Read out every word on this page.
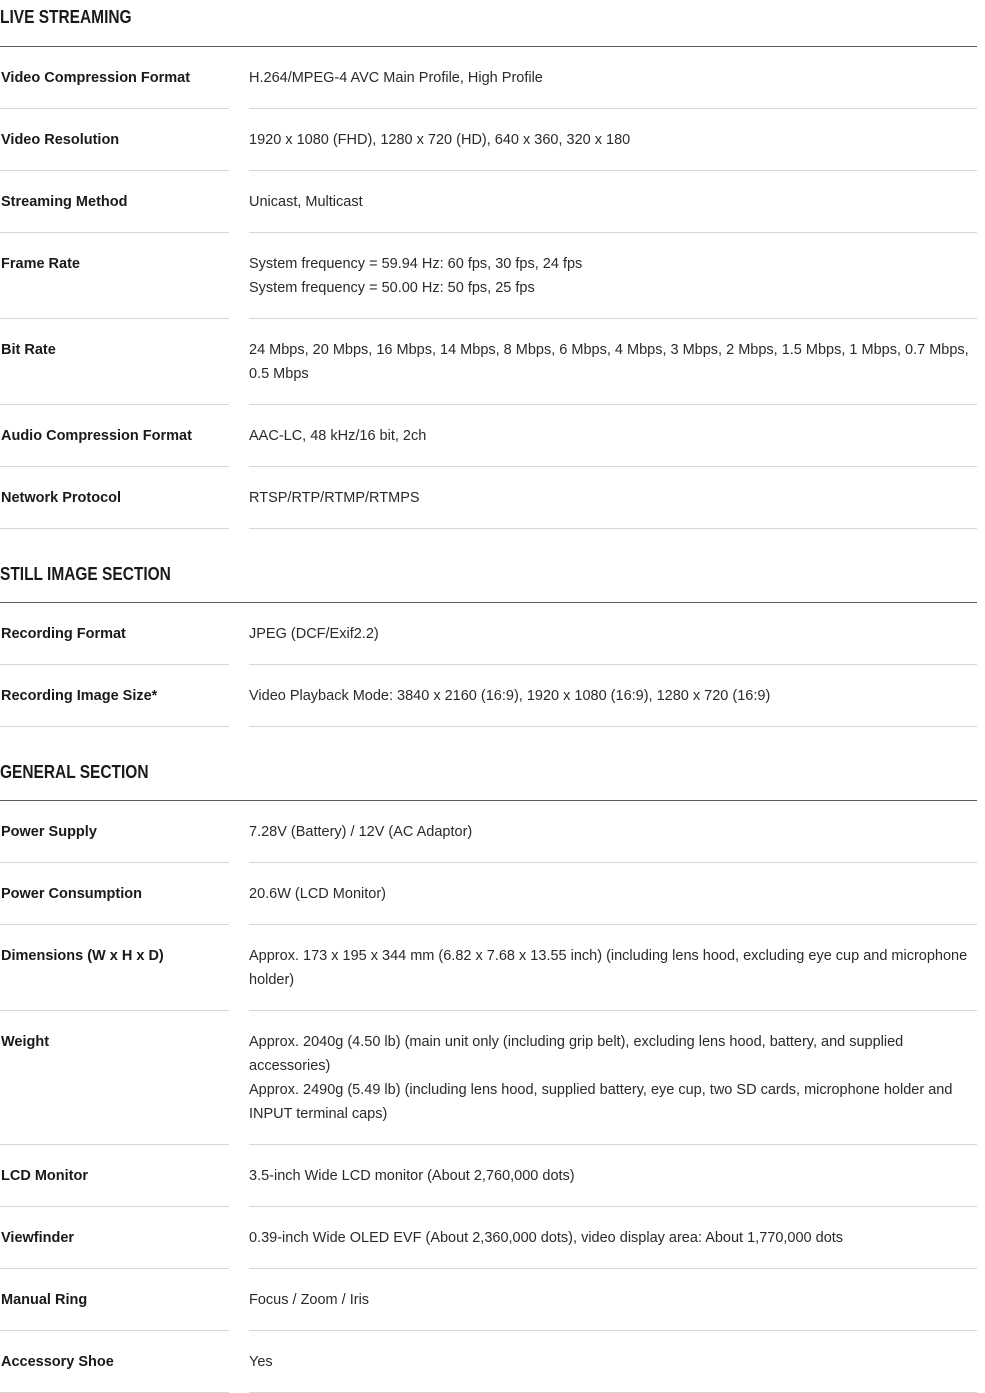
LIVE STREAMING
Video Compression Format	H.264/MPEG-4 AVC Main Profile, High Profile
Video Resolution	1920 x 1080 (FHD), 1280 x 720 (HD), 640 x 360, 320 x 180
Streaming Method	Unicast, Multicast
Frame Rate	System frequency = 59.94 Hz: 60 fps, 30 fps, 24 fps
System frequency = 50.00 Hz: 50 fps, 25 fps
Bit Rate	24 Mbps, 20 Mbps, 16 Mbps, 14 Mbps, 8 Mbps, 6 Mbps, 4 Mbps, 3 Mbps, 2 Mbps, 1.5 Mbps, 1 Mbps, 0.7 Mbps, 0.5 Mbps
Audio Compression Format	AAC-LC, 48 kHz/16 bit, 2ch
Network Protocol	RTSP/RTP/RTMP/RTMPS
STILL IMAGE SECTION
Recording Format	JPEG (DCF/Exif2.2)
Recording Image Size*	Video Playback Mode: 3840 x 2160 (16:9), 1920 x 1080 (16:9), 1280 x 720 (16:9)
GENERAL SECTION
Power Supply	7.28V (Battery) / 12V (AC Adaptor)
Power Consumption	20.6W (LCD Monitor)
Dimensions (W x H x D)	Approx. 173 x 195 x 344 mm (6.82 x 7.68 x 13.55 inch) (including lens hood, excluding eye cup and microphone holder)
Weight	Approx. 2040g (4.50 lb) (main unit only (including grip belt), excluding lens hood, battery, and supplied accessories)
Approx. 2490g (5.49 lb) (including lens hood, supplied battery, eye cup, two SD cards, microphone holder and INPUT terminal caps)
LCD Monitor	3.5-inch Wide LCD monitor (About 2,760,000 dots)
Viewfinder	0.39-inch Wide OLED EVF (About 2,360,000 dots), video display area: About 1,770,000 dots
Manual Ring	Focus / Zoom / Iris
Accessory Shoe	Yes
